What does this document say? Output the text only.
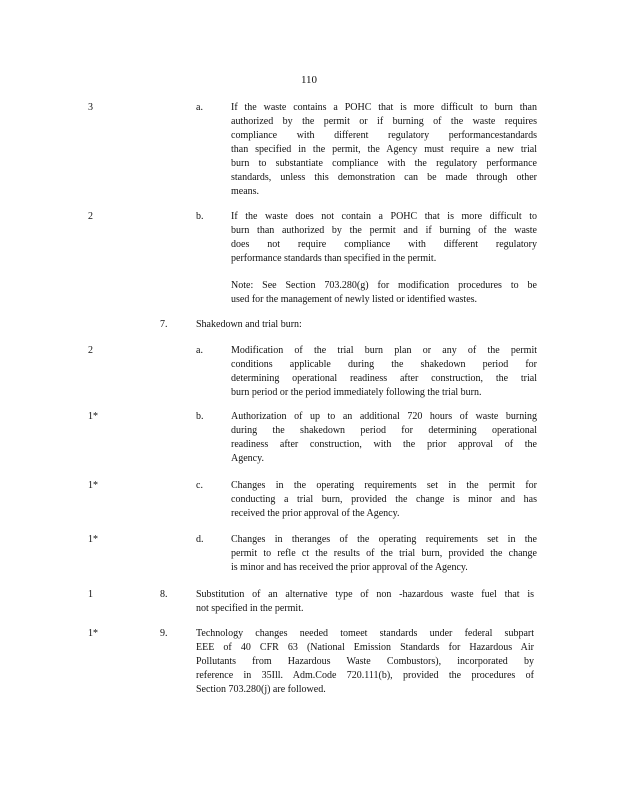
110
3	a.	If the waste contains a POHC that is more difficult to burn than
authorized by the permit or if burning of the waste requires
compliance with different regulatory performancestandards
than specified in the permit, the Agency must require a new trial
burn to substantiate compliance with the regulatory performance
standards, unless this demonstration can be made through other
means.
2	b.	If the waste does not contain a POHC that is more difficult to
burn than authorized by the permit and if burning of the waste
does not require compliance with different regulatory
performance standards than specified in the permit.
Note: See Section 703.280(g) for modification procedures to be
used for the management of newly listed or identified wastes.
7.	Shakedown and trial burn:
2	a.	Modification of the trial burn plan or any of the permit
conditions applicable during the shakedown period for
determining operational readiness after construction, the trial
burn period or the period immediately following the trial burn.
1*	b.	Authorization of up to an additional 720 hours of waste burning
during the shakedown period for determining operational
readiness after construction, with the prior approval of the
Agency.
1*	c.	Changes in the operating requirements set in the permit for
conducting a trial burn, provided the change is minor and has
received the prior approval of the Agency.
1*	d.	Changes in theranges of the operating requirements set in the
permit to refle ct the results of the trial burn, provided the change
is minor and has received the prior approval of the Agency.
1	8.	Substitution of an alternative type of non -hazardous waste fuel that is
not specified in the permit.
1*	9.	Technology changes needed tomeet standards under federal subpart
EEE of 40 CFR 63 (National Emission Standards for Hazardous Air
Pollutants from Hazardous Waste Combustors), incorporated by
reference in 35Ill. Adm.Code 720.111(b), provided the procedures of
Section 703.280(j) are followed.
